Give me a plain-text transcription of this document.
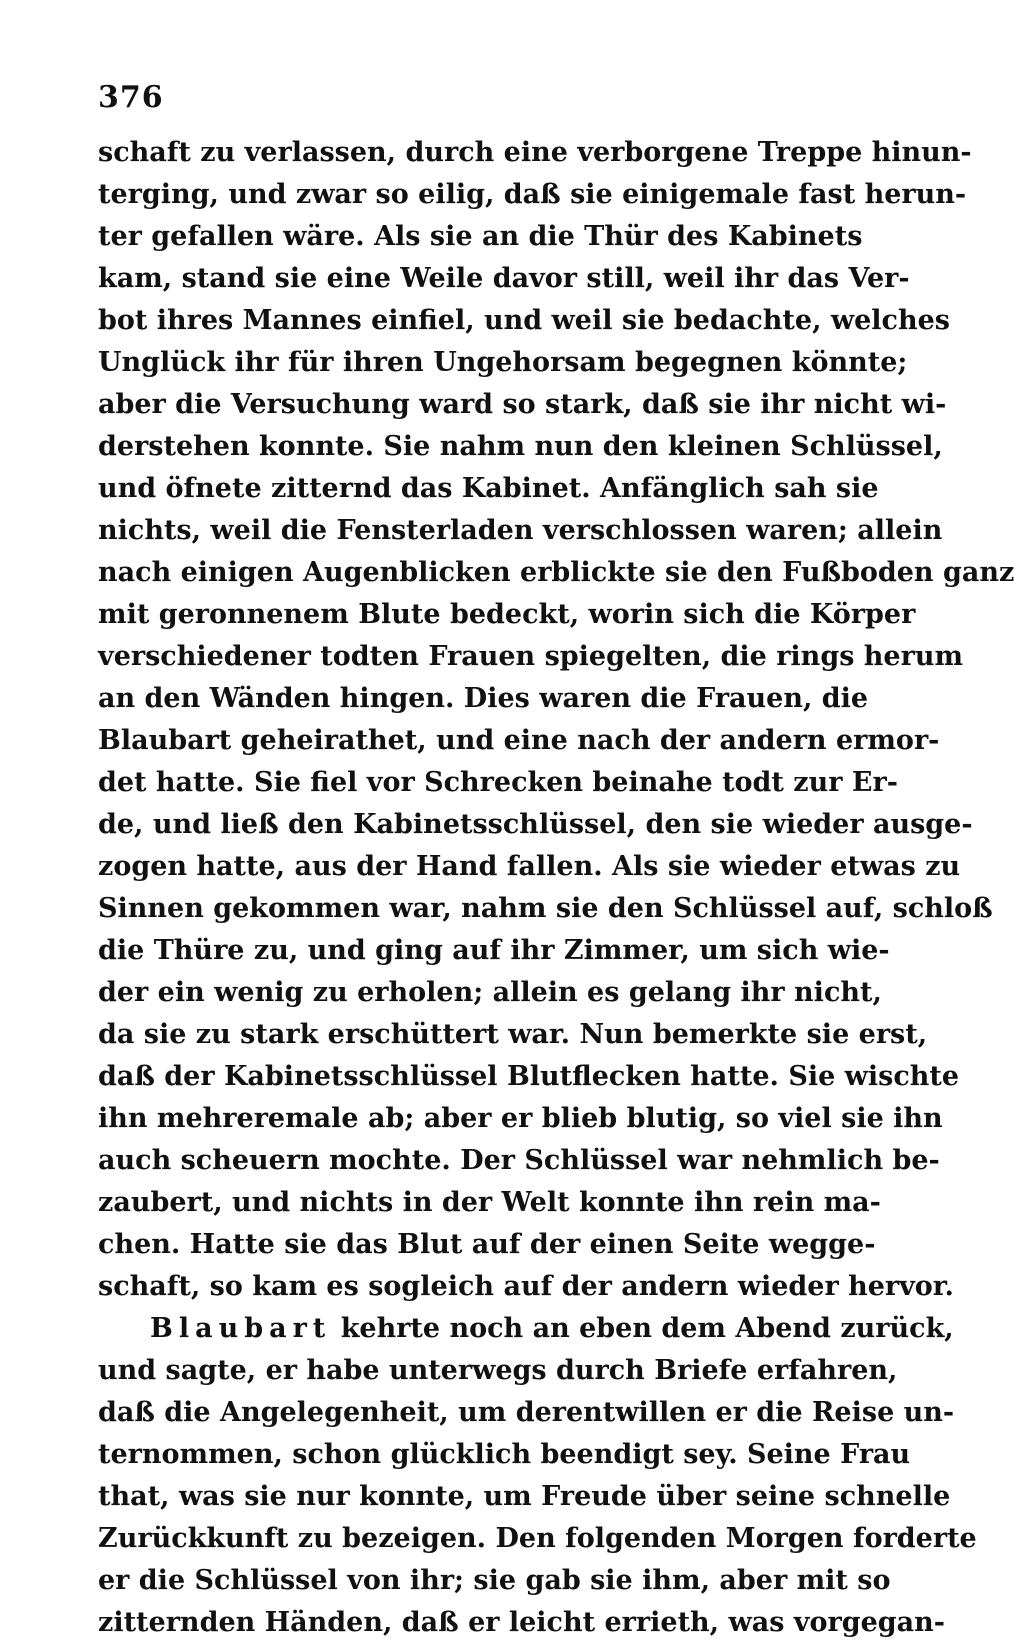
376
schaft zu verlassen, durch eine verborgene Treppe hinun-
terging, und zwar so eilig, daß sie einigemale fast herun-
ter gefallen wäre. Als sie an die Thür des Kabinets
kam, stand sie eine Weile davor still, weil ihr das Ver-
bot ihres Mannes einfiel, und weil sie bedachte, welches
Unglück ihr für ihren Ungehorsam begegnen könnte;
aber die Versuchung ward so stark, daß sie ihr nicht wi-
derstehen konnte. Sie nahm nun den kleinen Schlüssel,
und öfnete zitternd das Kabinet. Anfänglich sah sie
nichts, weil die Fensterladen verschlossen waren; allein
nach einigen Augenblicken erblickte sie den Fußboden ganz
mit geronnenem Blute bedeckt, worin sich die Körper
verschiedener todten Frauen spiegelten, die rings herum
an den Wänden hingen. Dies waren die Frauen, die
Blaubart geheirathet, und eine nach der andern ermor-
det hatte. Sie fiel vor Schrecken beinahe todt zur Er-
de, und ließ den Kabinetsschlüssel, den sie wieder ausge-
zogen hatte, aus der Hand fallen. Als sie wieder etwas zu
Sinnen gekommen war, nahm sie den Schlüssel auf, schloß
die Thüre zu, und ging auf ihr Zimmer, um sich wie-
der ein wenig zu erholen; allein es gelang ihr nicht,
da sie zu stark erschüttert war. Nun bemerkte sie erst,
daß der Kabinetsschlüssel Blutflecken hatte. Sie wischte
ihn mehreremale ab; aber er blieb blutig, so viel sie ihn
auch scheuern mochte. Der Schlüssel war nehmlich be-
zaubert, und nichts in der Welt konnte ihn rein ma-
chen. Hatte sie das Blut auf der einen Seite wegge-
schaft, so kam es sogleich auf der andern wieder hervor.
Blaubart kehrte noch an eben dem Abend zurück,
und sagte, er habe unterwegs durch Briefe erfahren,
daß die Angelegenheit, um derentwillen er die Reise un-
ternommen, schon glücklich beendigt sey. Seine Frau
that, was sie nur konnte, um Freude über seine schnelle
Zurückkunft zu bezeigen. Den folgenden Morgen forderte
er die Schlüssel von ihr; sie gab sie ihm, aber mit so
zitternden Händen, daß er leicht errieth, was vorgegan-
